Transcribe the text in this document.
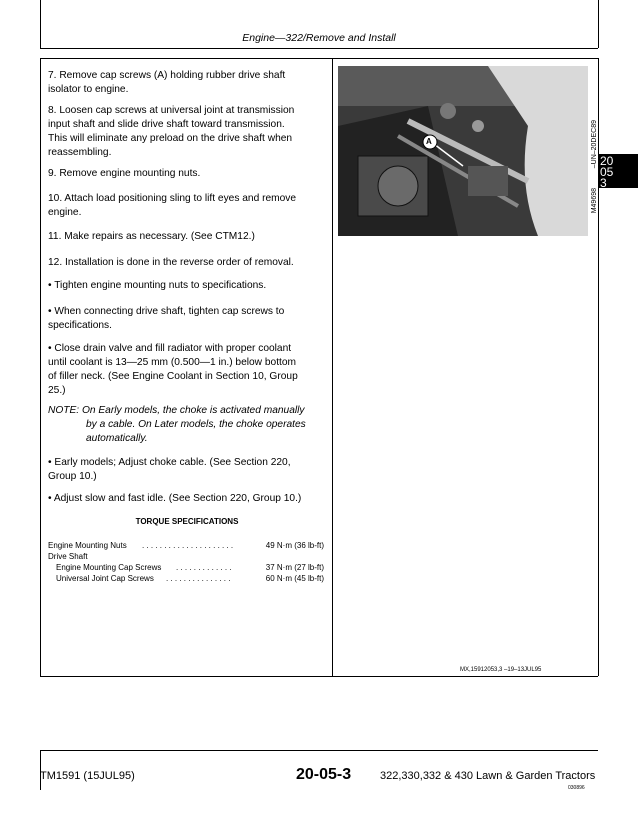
Engine—322/Remove and Install
7. Remove cap screws (A) holding rubber drive shaft
isolator to engine.
8. Loosen cap screws at universal joint at transmission
input shaft and slide drive shaft toward transmission.
This will eliminate any preload on the drive shaft when
reassembling.
9. Remove engine mounting nuts.
10. Attach load positioning sling to lift eyes and remove
engine.
11. Make repairs as necessary. (See CTM12.)
12. Installation is done in the reverse order of removal.
• Tighten engine mounting nuts to specifications.
• When connecting drive shaft, tighten cap screws to
specifications.
• Close drain valve and fill radiator with proper coolant
until coolant is 13—25 mm (0.500—1 in.) below bottom
of filler neck. (See Engine Coolant in Section 10, Group
25.)
NOTE: On Early models, the choke is activated manually
by a cable. On Later models, the choke operates
automatically.
• Early models; Adjust choke cable. (See Section 220,
Group 10.)
• Adjust slow and fast idle. (See Section 220, Group 10.)
TORQUE SPECIFICATIONS
Engine Mounting Nuts . . . . . . . . . . . . . . . . . . . . .	49 N·m (36 lb-ft)
Drive Shaft
Engine Mounting Cap Screws . . . . . . . . . . . . .	37 N·m (27 lb-ft)
Universal Joint Cap Screws . . . . . . . . . . . . . . .	60 N·m (45 lb-ft)
A	–UN–20DEC89
M49698
20
05
3
MX,15912053,3 –19–13JUL95
TM1591 (15JUL95)	20-05-3	322,330,332 & 430 Lawn & Garden Tractors
030896
